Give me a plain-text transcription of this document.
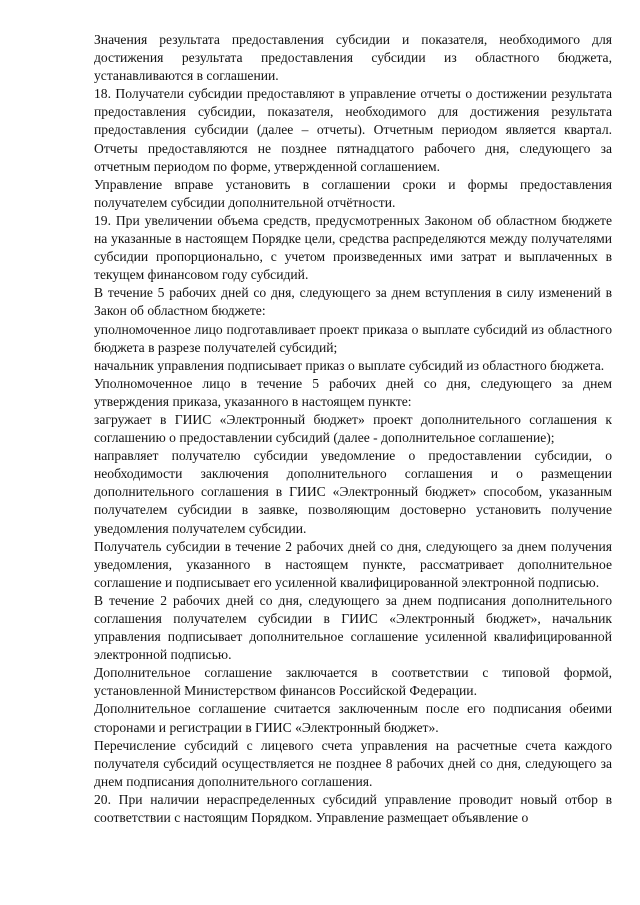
Значения результата предоставления субсидии и показателя, необходимого для достижения результата предоставления субсидии из областного бюджета, устанавливаются в соглашении.

18. Получатели субсидии предоставляют в управление отчеты о достижении результата предоставления субсидии, показателя, необходимого для достижения результата предоставления субсидии (далее – отчеты). Отчетным периодом является квартал. Отчеты предоставляются не позднее пятнадцатого рабочего дня, следующего за отчетным периодом по форме, утвержденной соглашением.

Управление вправе установить в соглашении сроки и формы предоставления получателем субсидии дополнительной отчётности.

19. При увеличении объема средств, предусмотренных Законом об областном бюджете на указанные в настоящем Порядке цели, средства распределяются между получателями субсидии пропорционально, с учетом произведенных ими затрат и выплаченных в текущем финансовом году субсидий.

В течение 5 рабочих дней со дня, следующего за днем вступления в силу изменений в Закон об областном бюджете:

уполномоченное лицо подготавливает проект приказа о выплате субсидий из областного бюджета в разрезе получателей субсидий;

начальник управления подписывает приказ о выплате субсидий из областного бюджета.

Уполномоченное лицо в течение 5 рабочих дней со дня, следующего за днем утверждения приказа, указанного в настоящем пункте:

загружает в ГИИС «Электронный бюджет» проект дополнительного соглашения к соглашению о предоставлении субсидий (далее - дополнительное соглашение);

направляет получателю субсидии уведомление о предоставлении субсидии, о необходимости заключения дополнительного соглашения и о размещении дополнительного соглашения в ГИИС «Электронный бюджет» способом, указанным получателем субсидии в заявке, позволяющим достоверно установить получение уведомления получателем субсидии.

Получатель субсидии в течение 2 рабочих дней со дня, следующего за днем получения уведомления, указанного в настоящем пункте, рассматривает дополнительное соглашение и подписывает его усиленной квалифицированной электронной подписью.

В течение 2 рабочих дней со дня, следующего за днем подписания дополнительного соглашения получателем субсидии в ГИИС «Электронный бюджет», начальник управления подписывает дополнительное соглашение усиленной квалифицированной электронной подписью.

Дополнительное соглашение заключается в соответствии с типовой формой, установленной Министерством финансов Российской Федерации.

Дополнительное соглашение считается заключенным после его подписания обеими сторонами и регистрации в ГИИС «Электронный бюджет».

Перечисление субсидий с лицевого счета управления на расчетные счета каждого получателя субсидий осуществляется не позднее 8 рабочих дней со дня, следующего за днем подписания дополнительного соглашения.

20. При наличии нераспределенных субсидий управление проводит новый отбор в соответствии с настоящим Порядком. Управление размещает объявление о
